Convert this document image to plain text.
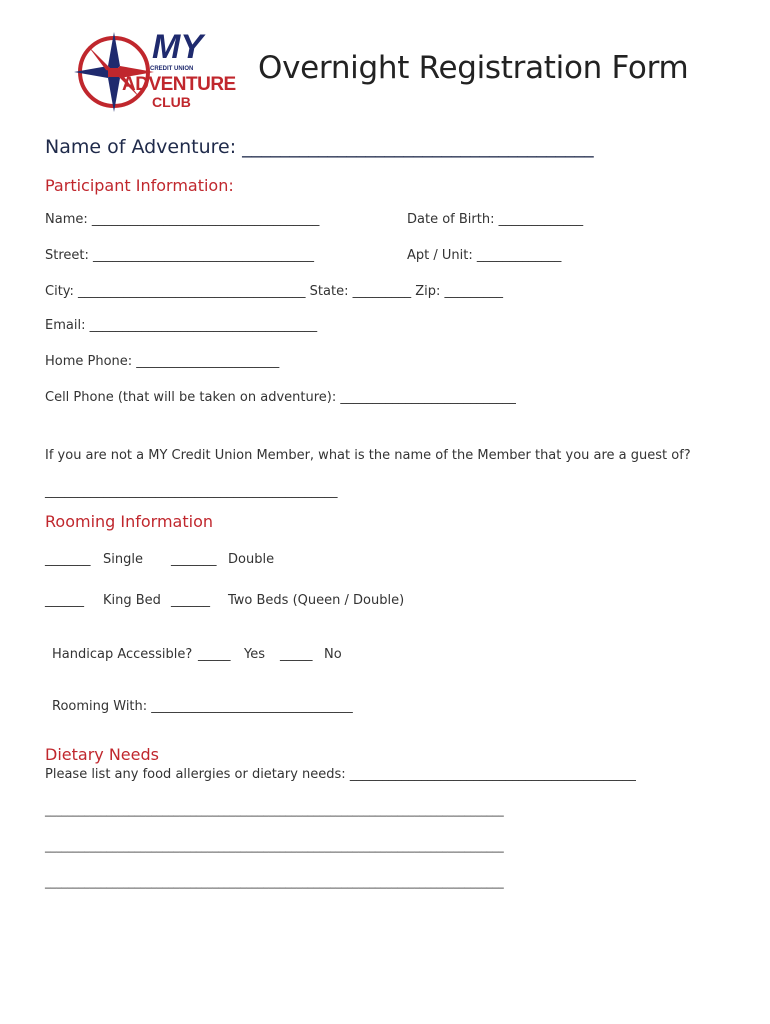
MY
CREDIT UNION
ADVENTURE
CLUB
Overnight Registration Form
Name of Adventure: _____________________________________
Participant Information:
Name: ___________________________________	Date of Birth: _____________
Street: __________________________________	Apt / Unit: _____________
City: ___________________________________ State: _________ Zip: _________
Email: ___________________________________
Home Phone: ______________________
Cell Phone (that will be taken on adventure): ___________________________
If you are not a MY Credit Union Member, what is the name of the Member that you are a guest of?
_____________________________________________
Rooming Information
_______ Single _______ Double
______ King Bed ______ Two Beds (Queen / Double)
Handicap Accessible? _____ Yes _____ No
Rooming With: _______________________________
Dietary Needs
Please list any food allergies or dietary needs: ____________________________________________
__________________________________________________________________________________
__________________________________________________________________________________
__________________________________________________________________________________
